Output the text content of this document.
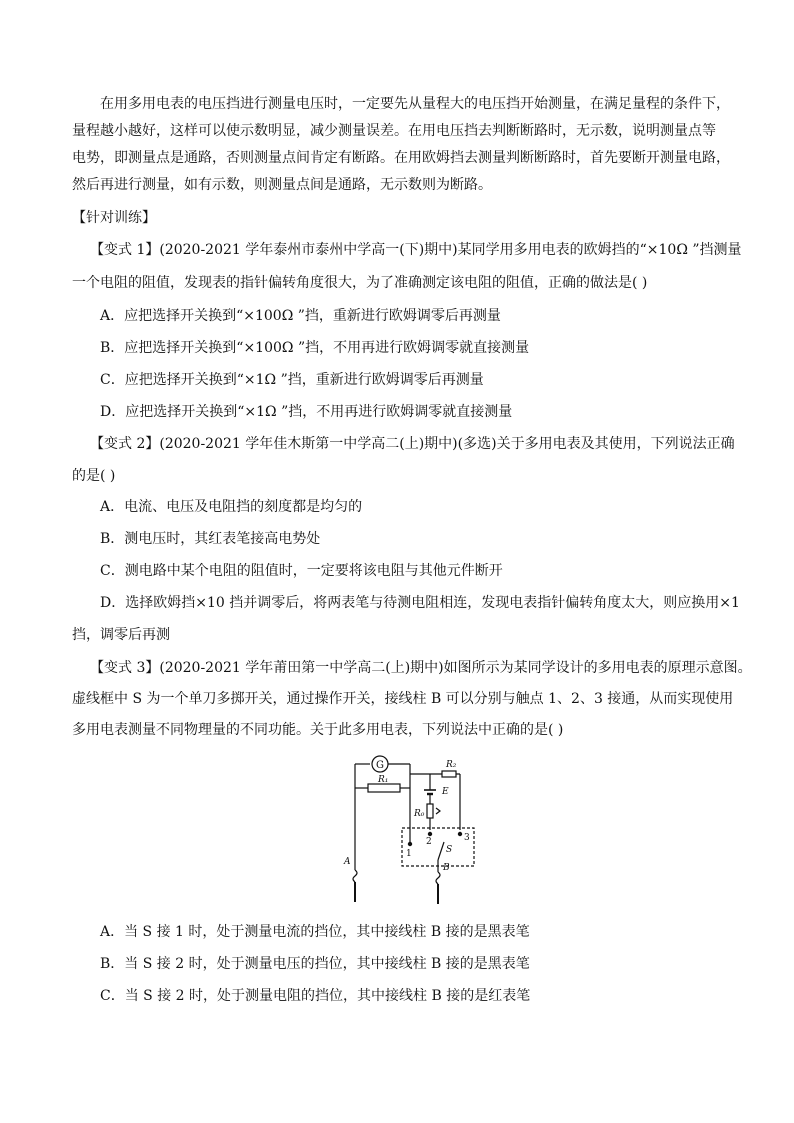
在用多用电表的电压挡进行测量电压时，一定要先从量程大的电压挡开始测量，在满足量程的条件下，
量程越小越好，这样可以使示数明显，减少测量误差。在用电压挡去判断断路时，无示数，说明测量点等
电势，即测量点是通路，否则测量点间肯定有断路。在用欧姆挡去测量判断断路时，首先要断开测量电路，
然后再进行测量，如有示数，则测量点间是通路，无示数则为断路。
【针对训练】
【变式 1】(2020-2021 学年泰州市泰州中学高一(下)期中)某同学用多用电表的欧姆挡的“×10Ω ”挡测量
一个电阻的阻值，发现表的指针偏转角度很大，为了准确测定该电阻的阻值，正确的做法是( )
A．应把选择开关换到“×100Ω ”挡，重新进行欧姆调零后再测量
B．应把选择开关换到“×100Ω ”挡，不用再进行欧姆调零就直接测量
C．应把选择开关换到“×1Ω ”挡，重新进行欧姆调零后再测量
D．应把选择开关换到“×1Ω ”挡，不用再进行欧姆调零就直接测量
【变式 2】(2020-2021 学年佳木斯第一中学高二(上)期中)(多选)关于多用电表及其使用，下列说法正确
的是( )
A．电流、电压及电阻挡的刻度都是均匀的
B．测电压时，其红表笔接高电势处
C．测电路中某个电阻的阻值时，一定要将该电阻与其他元件断开
D．选择欧姆挡×10 挡并调零后，将两表笔与待测电阻相连，发现电表指针偏转角度太大，则应换用×1
挡，调零后再测
【变式 3】(2020-2021 学年莆田第一中学高二(上)期中)如图所示为某同学设计的多用电表的原理示意图。
虚线框中 S 为一个单刀多掷开关，通过操作开关，接线柱 B 可以分别与触点 1、2、3 接通，从而实现使用
多用电表测量不同物理量的不同功能。关于此多用电表，下列说法中正确的是( )
G
R₁
R₂
E
R₀
1
2	3
S
A
B
A．当 S 接 1 时，处于测量电流的挡位，其中接线柱 B 接的是黑表笔
B．当 S 接 2 时，处于测量电压的挡位，其中接线柱 B 接的是黑表笔
C．当 S 接 2 时，处于测量电阻的挡位，其中接线柱 B 接的是红表笔
